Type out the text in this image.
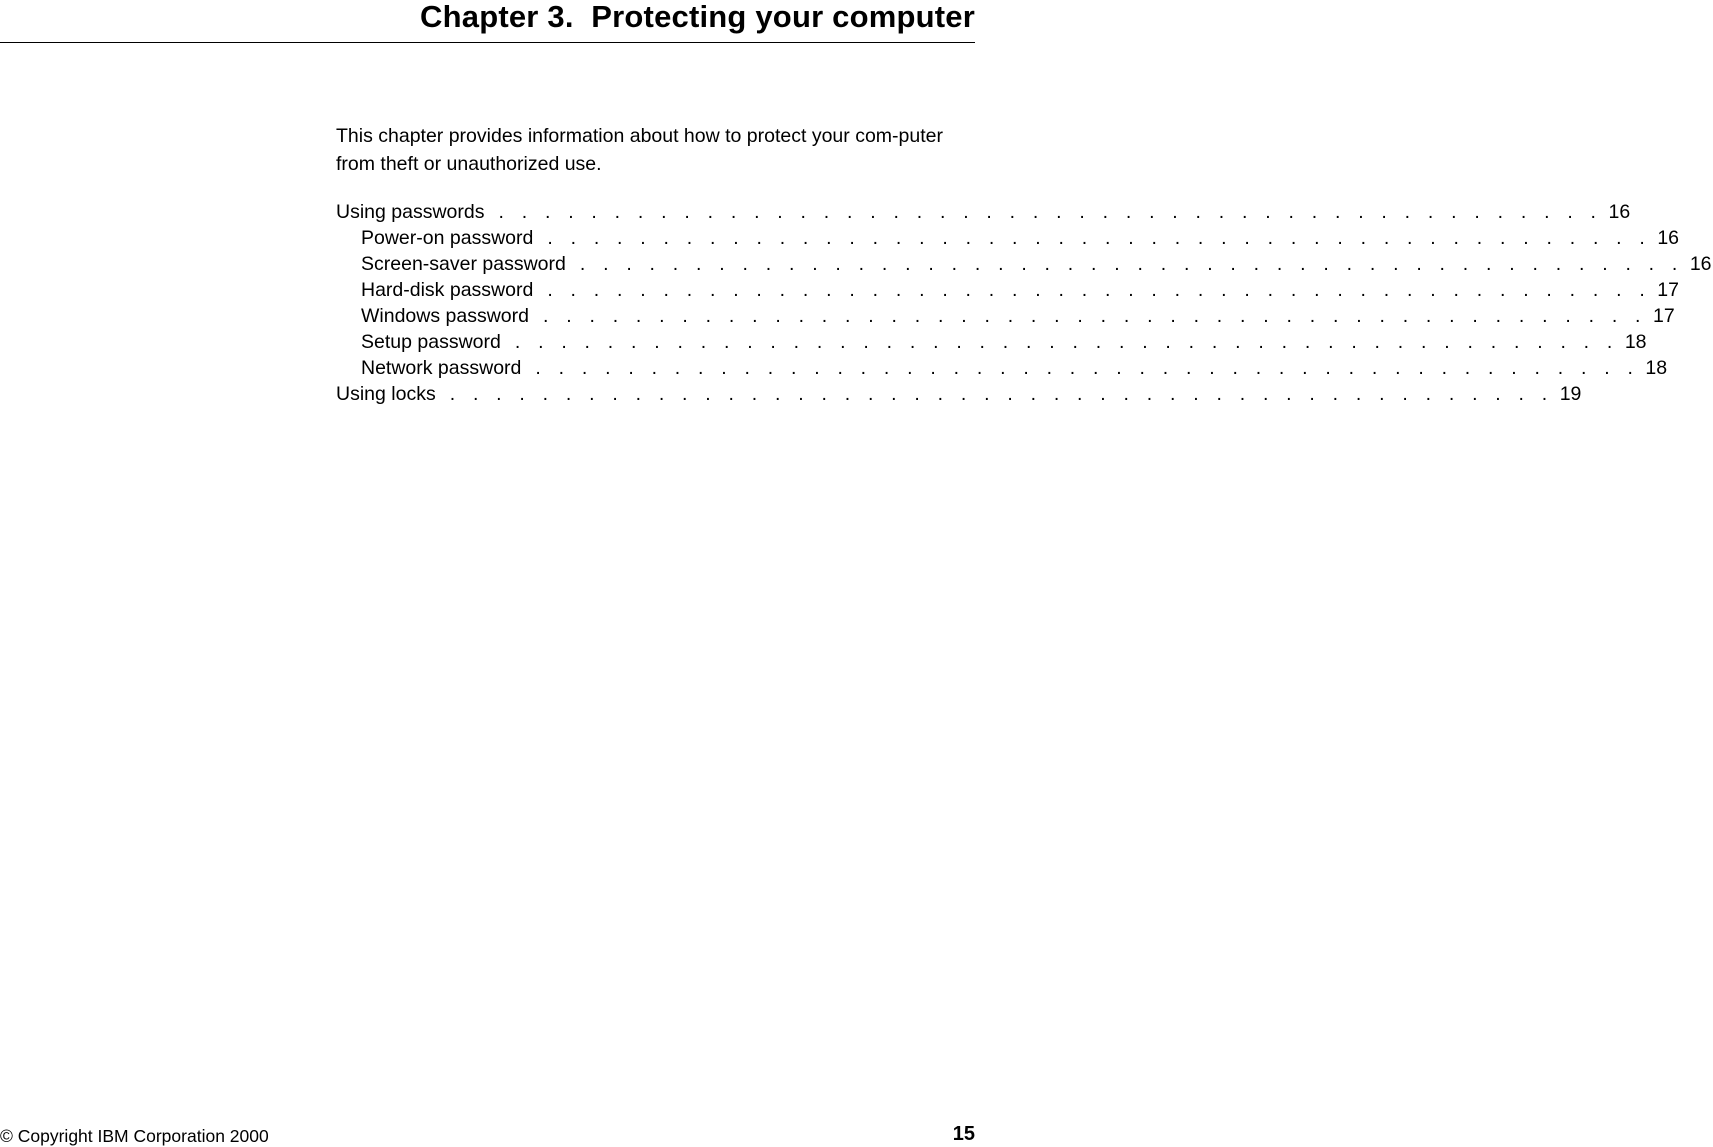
Chapter 3.  Protecting your computer

This chapter provides information about how to protect your com-puter from theft or unauthorized use.

Using passwords . . . . . . . . . . . . . . . . . . . . . . . . . . . . . . . . . . . . . . . . . . . . . . . . 16
Power-on password . . . . . . . . . . . . . . . . . . . . . . . . . . . . . . . . . . . . . . . . . . . . . . . . 16
Screen-saver password . . . . . . . . . . . . . . . . . . . . . . . . . . . . . . . . . . . . . . . . . . . . . . . . 16
Hard-disk password . . . . . . . . . . . . . . . . . . . . . . . . . . . . . . . . . . . . . . . . . . . . . . . . 17
Windows password . . . . . . . . . . . . . . . . . . . . . . . . . . . . . . . . . . . . . . . . . . . . . . . . 17
Setup password . . . . . . . . . . . . . . . . . . . . . . . . . . . . . . . . . . . . . . . . . . . . . . . . 18
Network password . . . . . . . . . . . . . . . . . . . . . . . . . . . . . . . . . . . . . . . . . . . . . . . . 18
Using locks . . . . . . . . . . . . . . . . . . . . . . . . . . . . . . . . . . . . . . . . . . . . . . . . 19
© Copyright IBM Corporation 2000	15
